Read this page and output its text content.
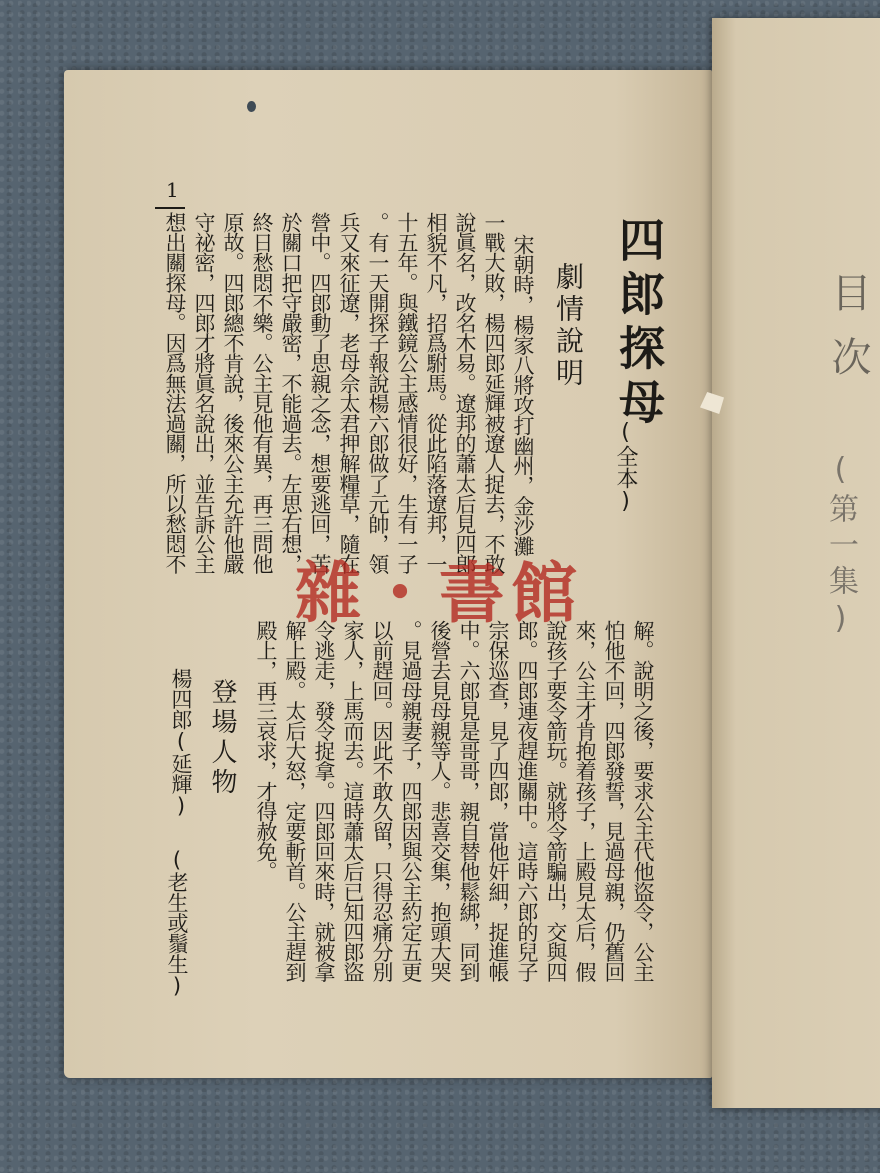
1
四郎探母
(全本)
劇情說明
宋朝時，楊家八將攻打幽州，金沙灘
一戰大敗，楊四郎延輝被遼人捉去，不敢
說眞名，改名木易。遼邦的蕭太后見四郎
相貌不凡，招爲駙馬。從此陷落遼邦，一
十五年。與鐵鏡公主感情很好，生有一子
。有一天開探子報說楊六郎做了元帥，領
兵又來征遼，老母佘太君押解糧草，隨在
營中。四郎動了思親之念，想要逃回，苦
於關口把守嚴密，不能過去。左思右想，
終日愁悶不樂。公主見他有異，再三問他
原故。四郎總不肯說，後來公主允許他嚴
守祕密，四郎才將眞名說出，並告訴公主
想出關探母。因爲無法過關，所以愁悶不
解。說明之後，要求公主代他盜令，公主
怕他不回，四郎發誓，見過母親，仍舊回
來，公主才肯抱着孩子，上殿見太后，假
說孩子要令箭玩。就將令箭騙出，交與四
郎。四郎連夜趕進關中。這時六郎的兒子
宗保巡查，見了四郎，當他奸細，捉進帳
中。六郎見是哥哥，親自替他鬆綁，同到
後營去見母親等人。悲喜交集，抱頭大哭
。見過母親妻子，四郎因與公主約定五更
以前趕回。因此不敢久留，只得忍痛分別
家人，上馬而去。這時蕭太后已知四郎盜
令逃走，發令捉拿。四郎回來時，就被拿
解上殿。太后大怒，定要斬首。公主趕到
殿上，再三哀求，才得赦免。
登場人物
楊四郎(延輝)
(老生或鬚生)
雜・書館
目次
(第一集)
